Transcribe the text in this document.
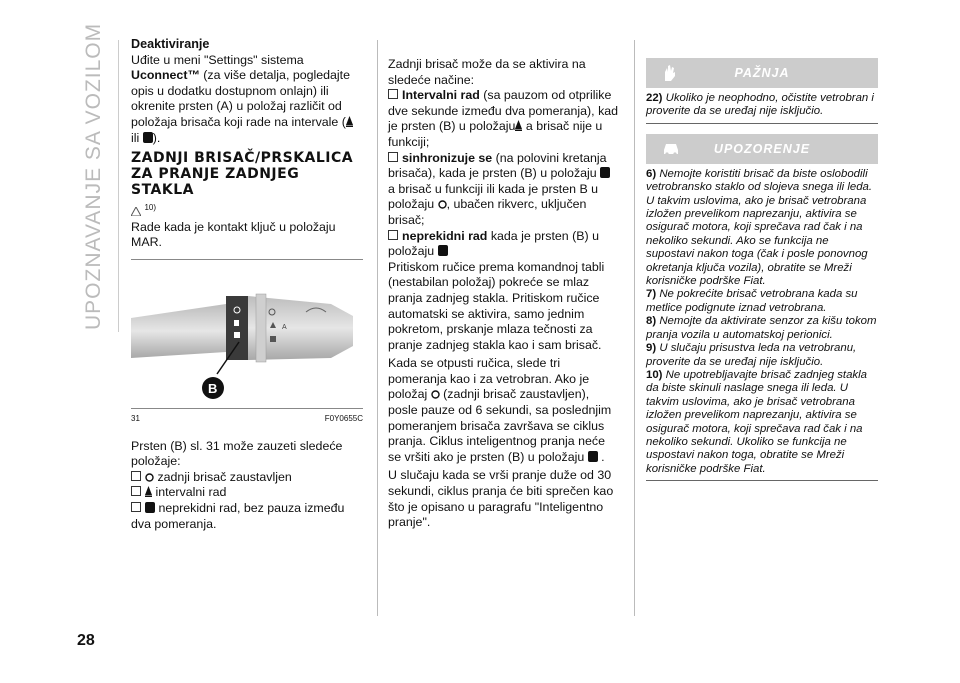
UPOZNAVANJE SA VOZILOM
28

Deaktiviranje

Uđite u meni "Settings" sistema
Uconnect™ (za više detalja, pogledajte opis u dodatku dostupnom onlajn) ili okrenite prsten (A) u položaj različit od položaja brisača koji rade na intervale ( ili ).

ZADNJI BRISAČ/PRSKALICA ZA PRANJE ZADNJEG STAKLA

$^{10)}$

Rade kada je kontakt ključ u položaju MAR.

A
B
31	F0Y0655C

Prsten (B) sl. 31 može zauzeti sledeće položaje:

zadnji brisač zaustavljen

intervalni rad

neprekidni rad, bez pauza između dva pomeranja.

Zadnji brisač može da se aktivira na sledeće načine:

Intervalni rad (sa pauzom od otprilike dve sekunde između dva pomeranja), kad je prsten (B) u položaju a brisač nije u funkciji;

sinhronizuje se (na polovini kretanja brisača), kada je prsten (B) u položaju  a brisač u funkciji ili kada je prsten B u položaju , ubačen rikverc, uključen brisač;

neprekidni rad kada je prsten (B) u položaju

Pritiskom ručice prema komandnoj tabli (nestabilan položaj) pokreće se mlaz pranja zadnjeg stakla. Pritiskom ručice automatski se aktivira, samo jednim pokretom, prskanje mlaza tečnosti za pranje zadnjeg stakla kao i sam brisač.

Kada se otpusti ručica, slede tri pomeranja kao i za vetrobran. Ako je položaj  (zadnji brisač zaustavljen), posle pauze od 6 sekundi, sa poslednjim pomeranjem brisača završava se ciklus pranja. Ciklus inteligentnog pranja neće se vršiti ako je prsten (B) u položaju  .

U slučaju kada se vrši pranje duže od 30 sekundi, ciklus pranja će biti sprečen kao što je opisano u paragrafu "Inteligentno pranje".

PAŽNJA
22) Ukoliko je neophodno, očistite vetrobran i proverite da se uređaj nije isključio.
UPOZORENJE
6) Nemojte koristiti brisač da biste oslobodili vetrobransko staklo od slojeva snega ili leda. U takvim uslovima, ako je brisač vetrobrana izložen prevelikom naprezanju, aktivira se osigurač motora, koji sprečava rad čak i na nekoliko sekundi. Ako se funkcija ne supostavi nakon toga (čak i posle ponovnog okretanja ključa vozila), obratite se Mreži korisničke podrške Fiat.
7) Ne pokrećite brisač vetrobrana kada su metlice podignute iznad vetrobrana.
8) Nemojte da aktivirate senzor za kišu tokom pranja vozila u automatskoj perionici.
9) U slučaju prisustva leda na vetrobranu, proverite da se uređaj nije isključio.
10) Ne upotrebljavajte brisač zadnjeg stakla da biste skinuli naslage snega ili leda. U takvim uslovima, ako je brisač vetrobrana izložen prevelikom naprezanju, aktivira se osigurač motora, koji sprečava rad čak i na nekoliko sekundi. Ukoliko se funkcija ne uspostavi nakon toga, obratite se Mreži korisničke podrške Fiat.
